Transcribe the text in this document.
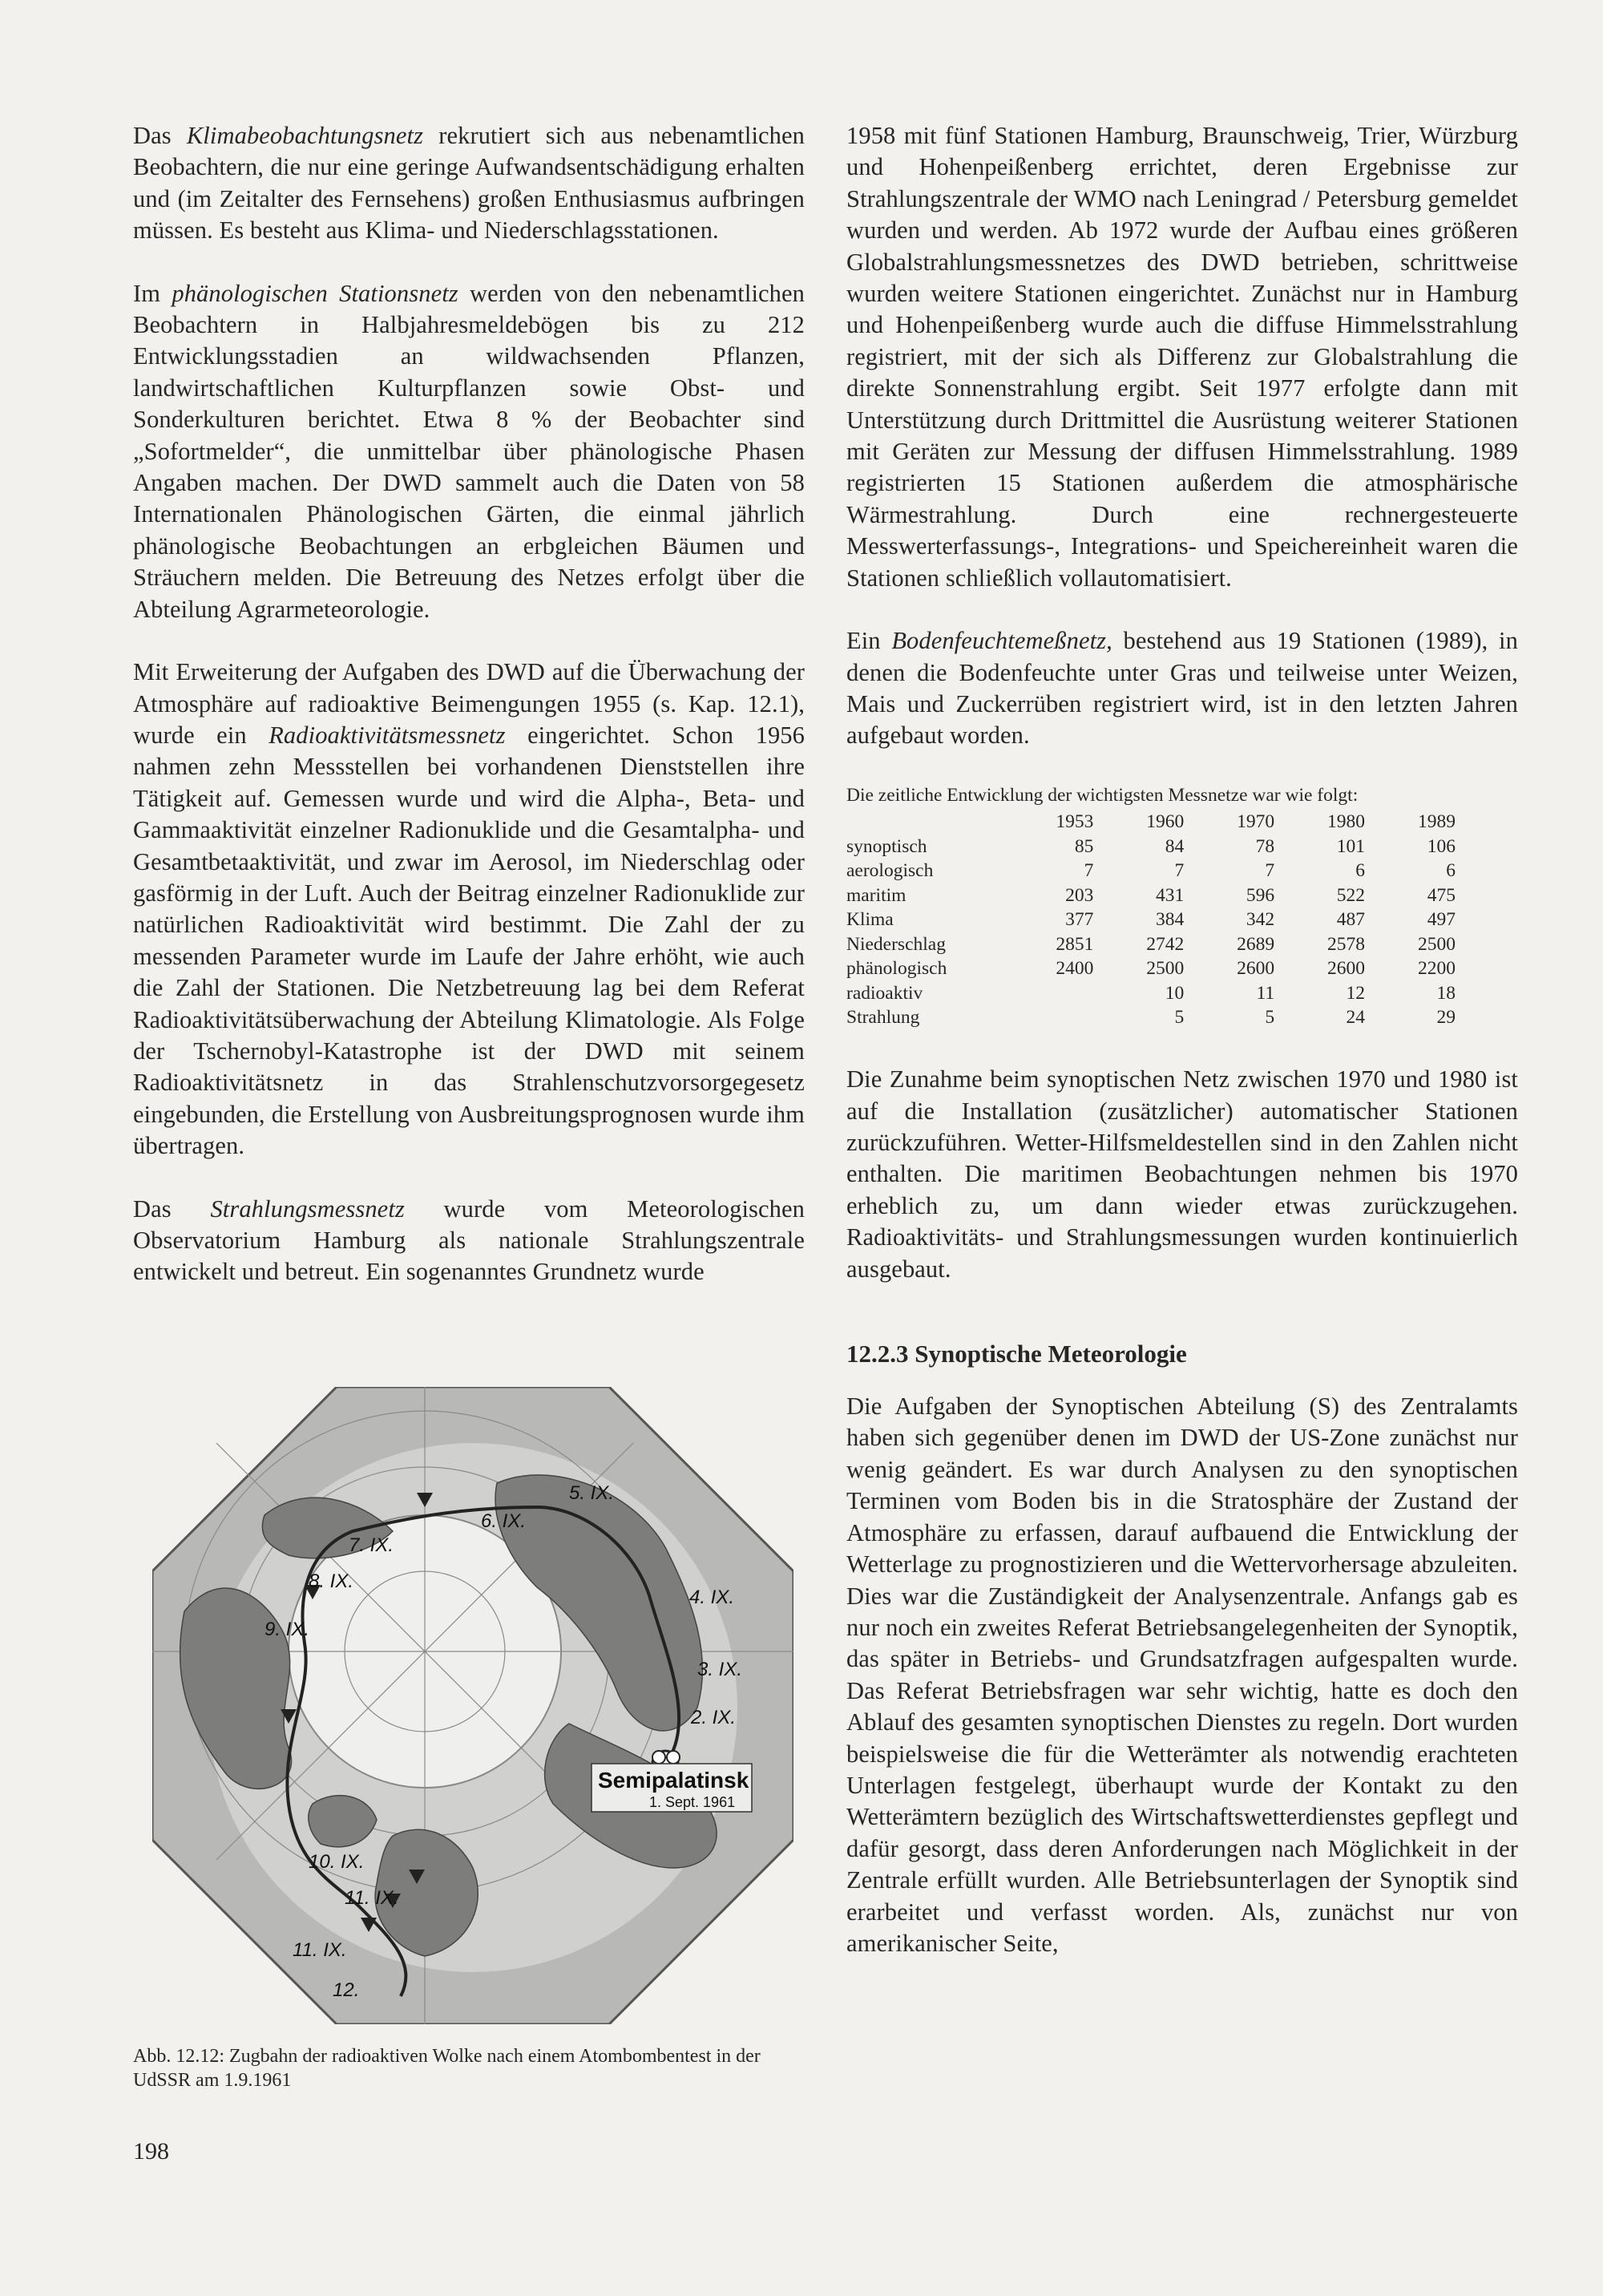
Das Klimabeobachtungsnetz rekrutiert sich aus nebenamtlichen Beobachtern, die nur eine geringe Aufwandsentschädigung erhalten und (im Zeitalter des Fernsehens) großen Enthusiasmus aufbringen müssen. Es besteht aus Klima- und Niederschlagsstationen.

Im phänologischen Stationsnetz werden von den nebenamtlichen Beobachtern in Halbjahresmeldebögen bis zu 212 Entwicklungsstadien an wildwachsenden Pflanzen, landwirtschaftlichen Kulturpflanzen sowie Obst- und Sonderkulturen berichtet. Etwa 8 % der Beobachter sind „Sofortmelder“, die unmittelbar über phänologische Phasen Angaben machen. Der DWD sammelt auch die Daten von 58 Internationalen Phänologischen Gärten, die einmal jährlich phänologische Beobachtungen an erbgleichen Bäumen und Sträuchern melden. Die Betreuung des Netzes erfolgt über die Abteilung Agrarmeteorologie.

Mit Erweiterung der Aufgaben des DWD auf die Überwachung der Atmosphäre auf radioaktive Beimengungen 1955 (s. Kap. 12.1), wurde ein Radioaktivitätsmessnetz eingerichtet. Schon 1956 nahmen zehn Messstellen bei vorhandenen Dienststellen ihre Tätigkeit auf. Gemessen wurde und wird die Alpha-, Beta- und Gammaaktivität einzelner Radionuklide und die Gesamtalpha- und Gesamtbetaaktivität, und zwar im Aerosol, im Niederschlag oder gasförmig in der Luft. Auch der Beitrag einzelner Radionuklide zur natürlichen Radioaktivität wird bestimmt. Die Zahl der zu messenden Parameter wurde im Laufe der Jahre erhöht, wie auch die Zahl der Stationen. Die Netzbetreuung lag bei dem Referat Radioaktivitätsüberwachung der Abteilung Klimatologie. Als Folge der Tschernobyl-Katastrophe ist der DWD mit seinem Radioaktivitätsnetz in das Strahlenschutzvorsorgegesetz eingebunden, die Erstellung von Ausbreitungsprognosen wurde ihm übertragen.

Das Strahlungsmessnetz wurde vom Meteorologischen Observatorium Hamburg als nationale Strahlungszentrale entwickelt und betreut. Ein sogenanntes Grundnetz wurde

5. IX.
6. IX.
7. IX.
8. IX.
9. IX.
4. IX.
3. IX.
2. IX.
10. IX.
11. IX.
11. IX.
12.
Semipalatinsk
1. Sept. 1961
Abb. 12.12: Zugbahn der radioaktiven Wolke nach einem Atombombentest in der UdSSR am 1.9.1961
198

1958 mit fünf Stationen Hamburg, Braunschweig, Trier, Würzburg und Hohenpeißenberg errichtet, deren Ergebnisse zur Strahlungszentrale der WMO nach Leningrad / Petersburg gemeldet wurden und werden. Ab 1972 wurde der Aufbau eines größeren Globalstrahlungsmessnetzes des DWD betrieben, schrittweise wurden weitere Stationen eingerichtet. Zunächst nur in Hamburg und Hohenpeißenberg wurde auch die diffuse Himmelsstrahlung registriert, mit der sich als Differenz zur Globalstrahlung die direkte Sonnenstrahlung ergibt. Seit 1977 erfolgte dann mit Unterstützung durch Drittmittel die Ausrüstung weiterer Stationen mit Geräten zur Messung der diffusen Himmelsstrahlung. 1989 registrierten 15 Stationen außerdem die atmosphärische Wärmestrahlung. Durch eine rechnergesteuerte Messwerterfassungs-, Integrations- und Speichereinheit waren die Stationen schließlich vollautomatisiert.

Ein Bodenfeuchtemeßnetz, bestehend aus 19 Stationen (1989), in denen die Bodenfeuchte unter Gras und teilweise unter Weizen, Mais und Zuckerrüben registriert wird, ist in den letzten Jahren aufgebaut worden.

Die zeitliche Entwicklung der wichtigsten Messnetze war wie folgt:

	1953	1960	1970	1980	1989
synoptisch	85	84	78	101	106
aerologisch	7	7	7	6	6
maritim	203	431	596	522	475
Klima	377	384	342	487	497
Niederschlag	2851	2742	2689	2578	2500
phänologisch	2400	2500	2600	2600	2200
radioaktiv		10	11	12	18
Strahlung		5	5	24	29

Die Zunahme beim synoptischen Netz zwischen 1970 und 1980 ist auf die Installation (zusätzlicher) automatischer Stationen zurückzuführen. Wetter-Hilfsmeldestellen sind in den Zahlen nicht enthalten. Die maritimen Beobachtungen nehmen bis 1970 erheblich zu, um dann wieder etwas zurückzugehen. Radioaktivitäts- und Strahlungsmessungen wurden kontinuierlich ausgebaut.

12.2.3 Synoptische Meteorologie

Die Aufgaben der Synoptischen Abteilung (S) des Zentralamts haben sich gegenüber denen im DWD der US-Zone zunächst nur wenig geändert. Es war durch Analysen zu den synoptischen Terminen vom Boden bis in die Stratosphäre der Zustand der Atmosphäre zu erfassen, darauf aufbauend die Entwicklung der Wetterlage zu prognostizieren und die Wettervorhersage abzuleiten. Dies war die Zuständigkeit der Analysenzentrale. Anfangs gab es nur noch ein zweites Referat Betriebsangelegenheiten der Synoptik, das später in Betriebs- und Grundsatzfragen aufgespalten wurde. Das Referat Betriebsfragen war sehr wichtig, hatte es doch den Ablauf des gesamten synoptischen Dienstes zu regeln. Dort wurden beispielsweise die für die Wetterämter als notwendig erachteten Unterlagen festgelegt, überhaupt wurde der Kontakt zu den Wetterämtern bezüglich des Wirtschaftswetterdienstes gepflegt und dafür gesorgt, dass deren Anforderungen nach Möglichkeit in der Zentrale erfüllt wurden. Alle Betriebsunterlagen der Synoptik sind erarbeitet und verfasst worden. Als, zunächst nur von amerikanischer Seite,
